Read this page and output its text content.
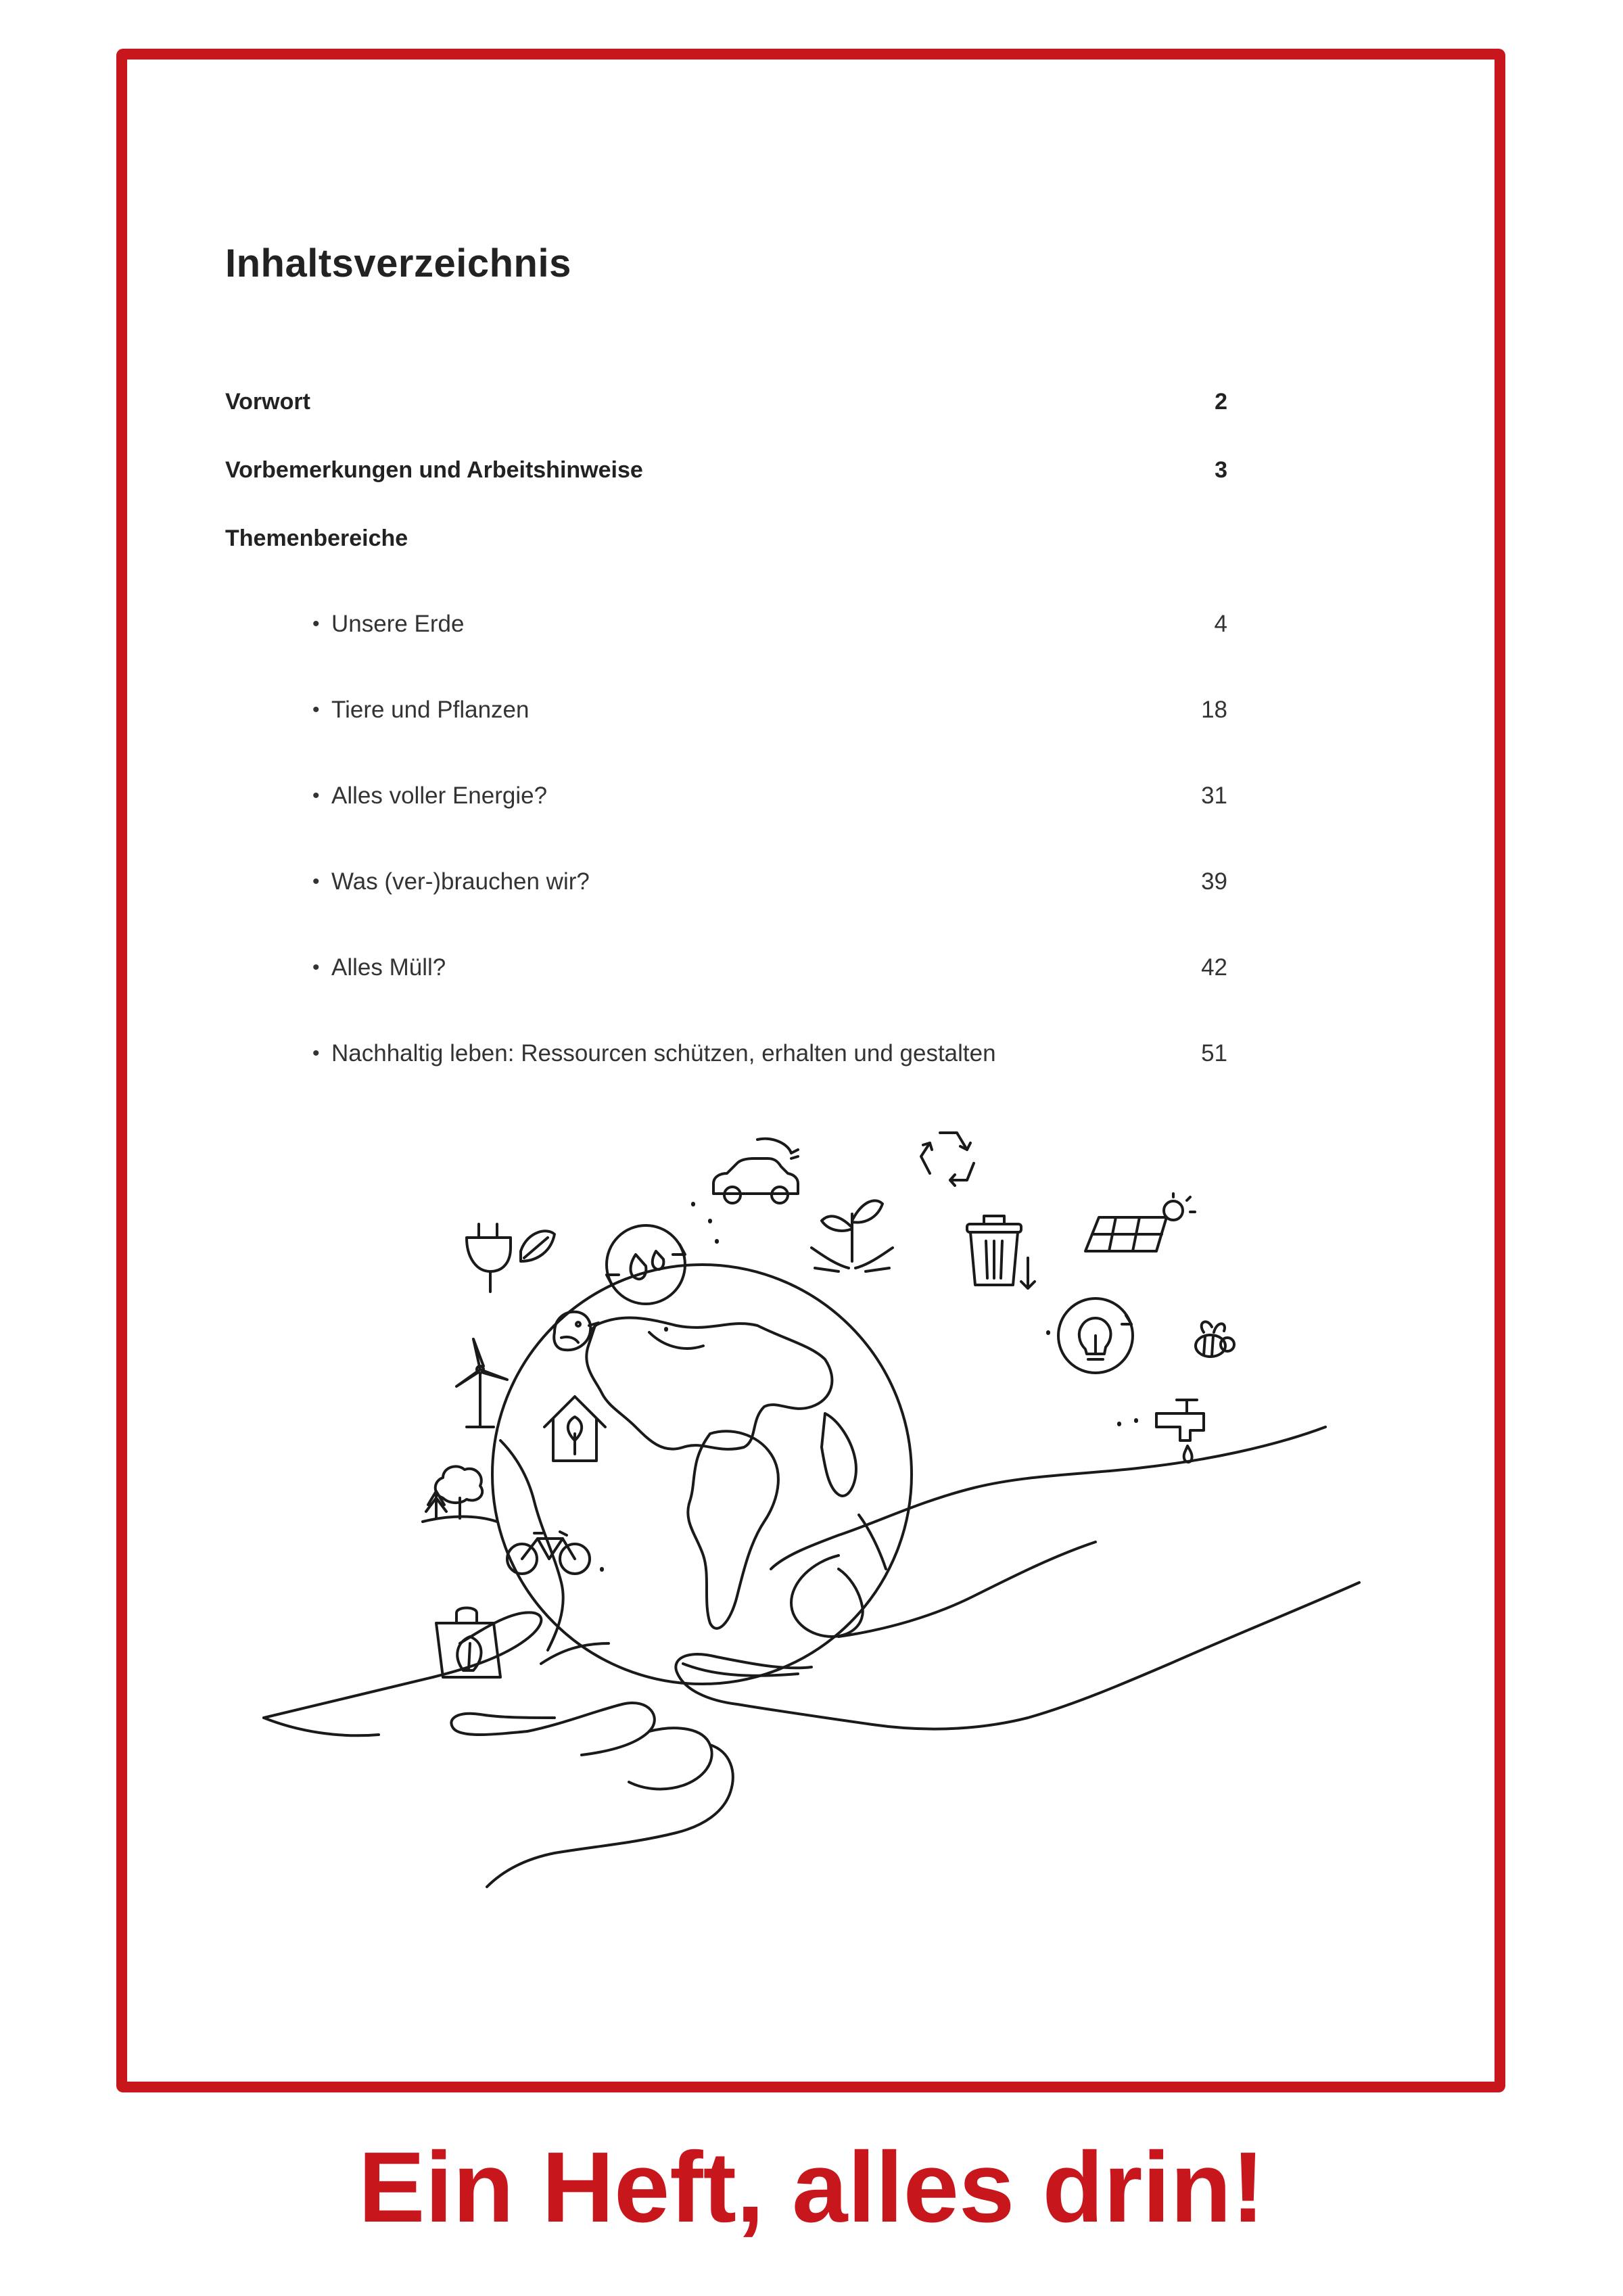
Inhaltsverzeichnis
Vorwort	2
Vorbemerkungen und Arbeitshinweise	3
Themenbereiche
• Unsere Erde	4
• Tiere und Pflanzen	18
• Alles voller Energie?	31
• Was (ver-)brauchen wir?	39
• Alles Müll?	42
• Nachhaltig leben: Ressourcen schützen, erhalten und gestalten	51
Ein Heft, alles drin!
